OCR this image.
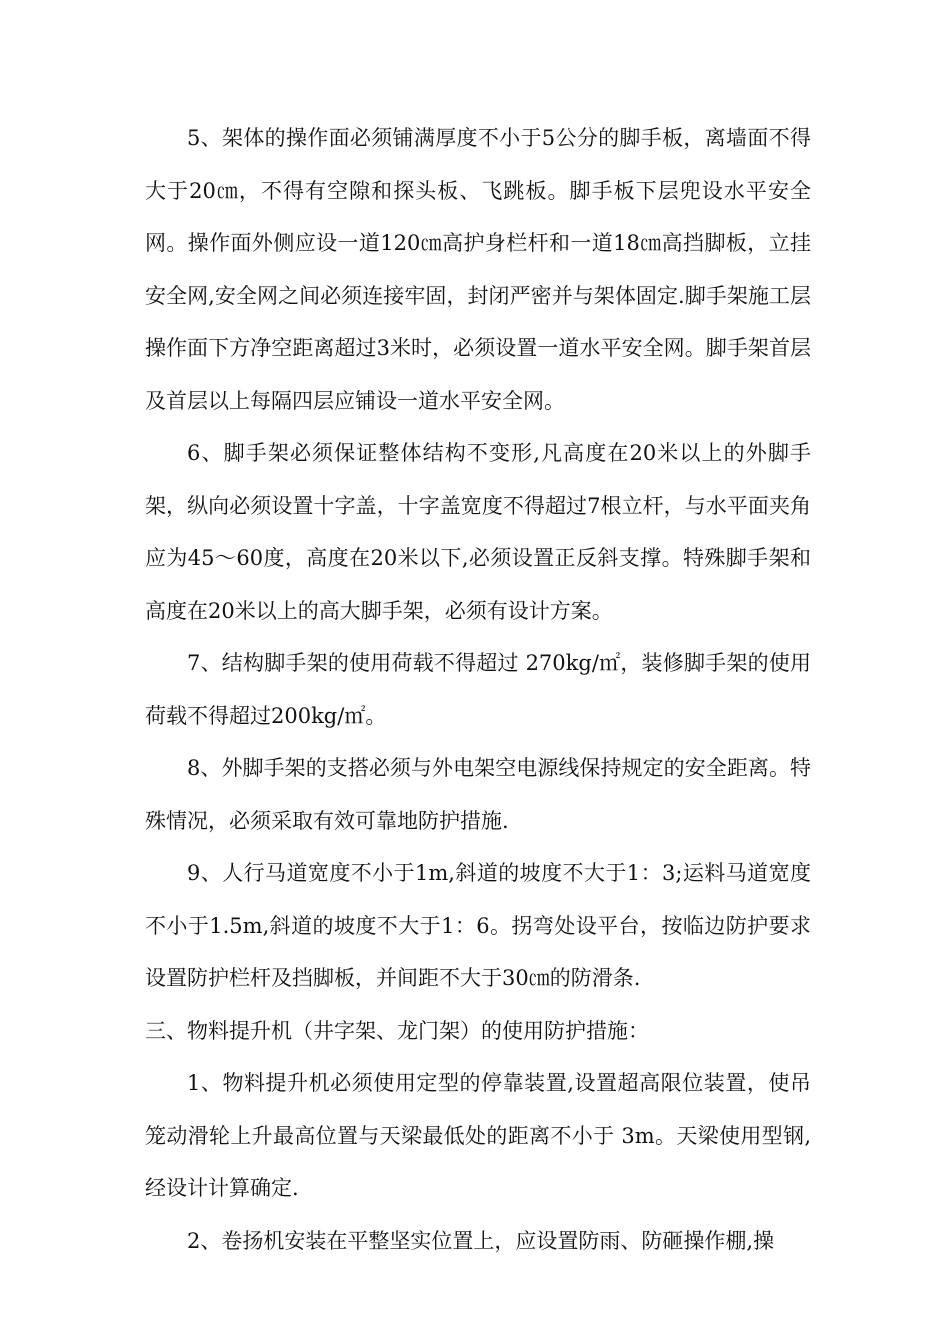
5、架体的操作面必须铺满厚度不小于5公分的脚手板，离墙面不得大于20㎝，不得有空隙和探头板、飞跳板。脚手板下层兜设水平安全网。操作面外侧应设一道120㎝高护身栏杆和一道18㎝高挡脚板，立挂安全网,安全网之间必须连接牢固，封闭严密并与架体固定.脚手架施工层操作面下方净空距离超过3米时，必须设置一道水平安全网。脚手架首层及首层以上每隔四层应铺设一道水平安全网。

6、脚手架必须保证整体结构不变形,凡高度在20米以上的外脚手架，纵向必须设置十字盖，十字盖宽度不得超过7根立杆，与水平面夹角应为45～60度，高度在20米以下,必须设置正反斜支撑。特殊脚手架和高度在20米以上的高大脚手架，必须有设计方案。

7、结构脚手架的使用荷载不得超过 270kg/㎡，装修脚手架的使用荷载不得超过200kg/㎡。

8、外脚手架的支搭必须与外电架空电源线保持规定的安全距离。特殊情况，必须采取有效可靠地防护措施.

9、人行马道宽度不小于1m,斜道的坡度不大于1：3;运料马道宽度不小于1.5m,斜道的坡度不大于1：6。拐弯处设平台，按临边防护要求设置防护栏杆及挡脚板，并间距不大于30㎝的防滑条.

三、物料提升机（井字架、龙门架）的使用防护措施：

1、物料提升机必须使用定型的停靠装置,设置超高限位装置，使吊笼动滑轮上升最高位置与天梁最低处的距离不小于 3m。天梁使用型钢,经设计计算确定.

2、卷扬机安装在平整坚实位置上，应设置防雨、防砸操作棚,操
